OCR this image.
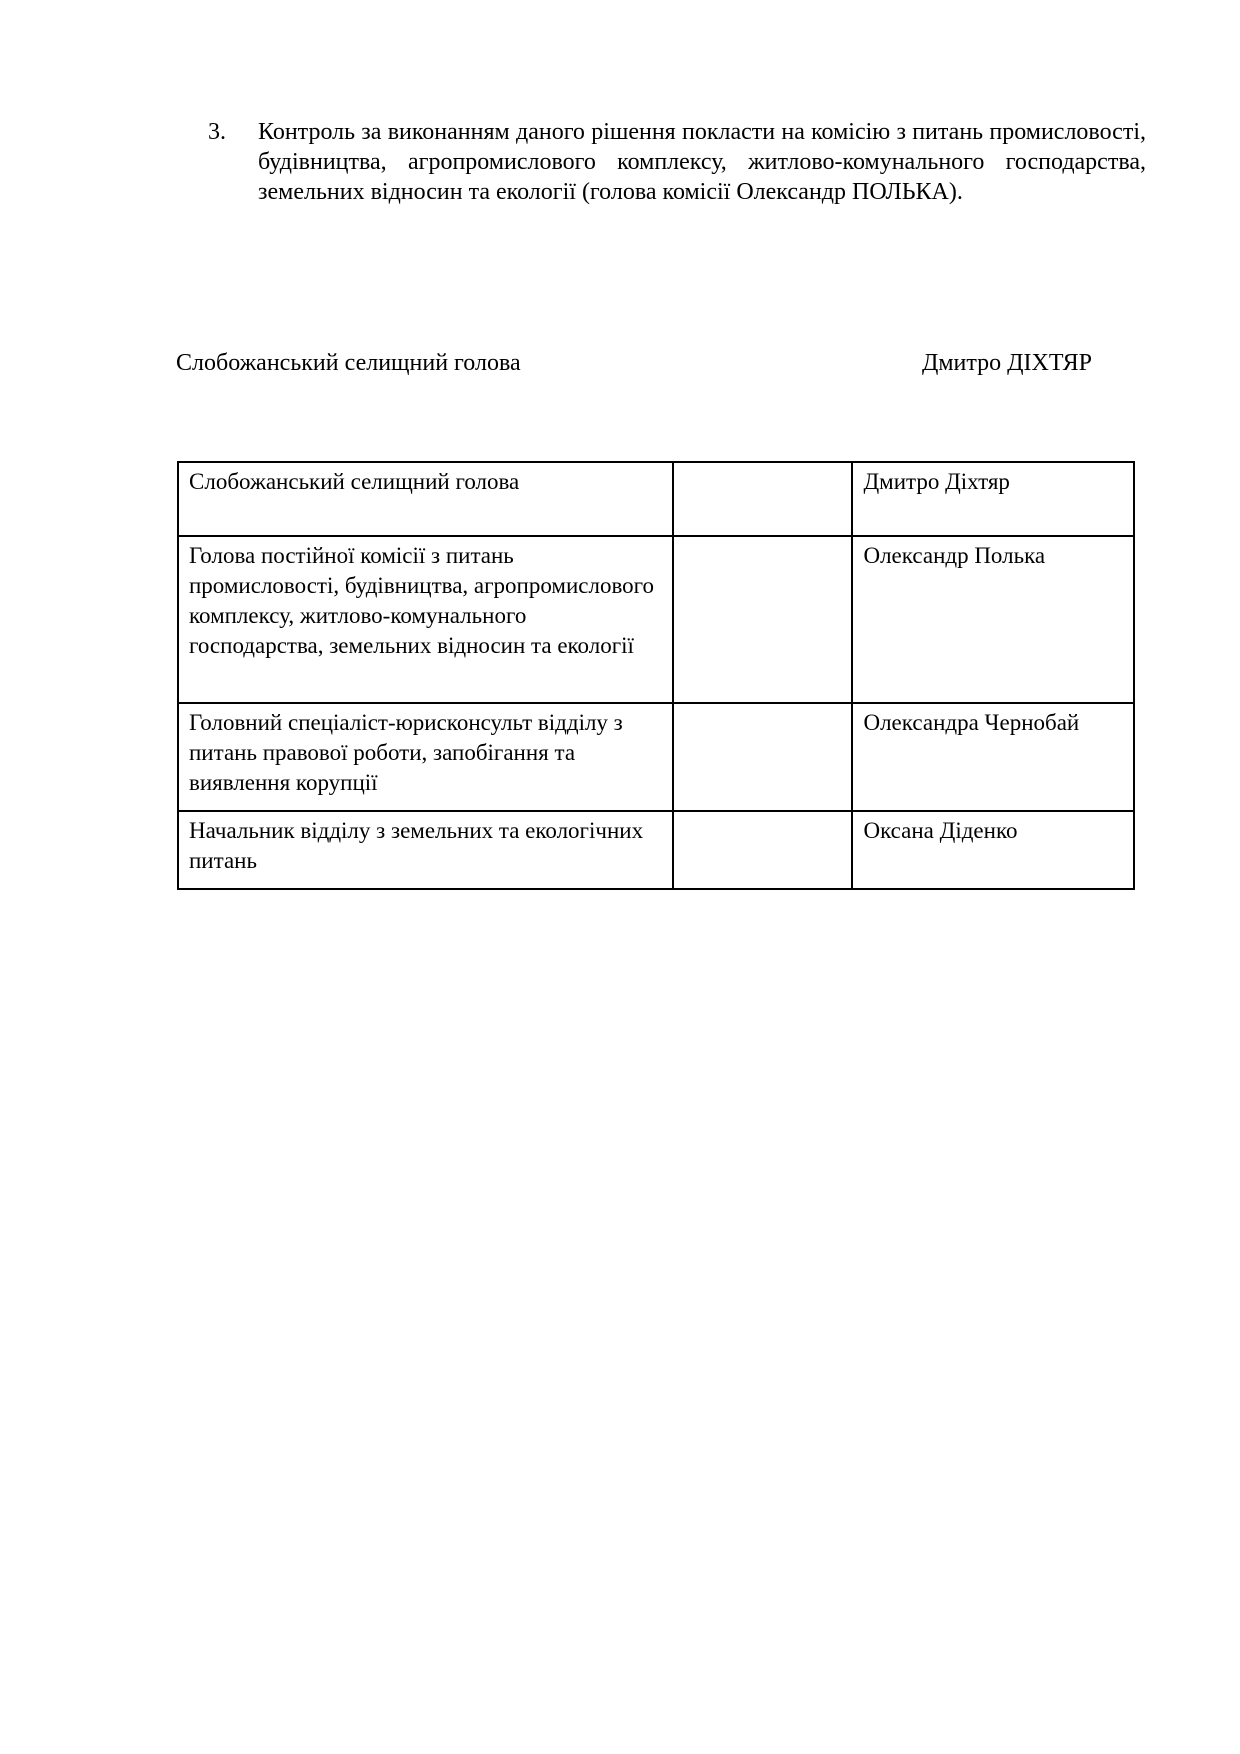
3.	Контроль за виконанням даного рішення покласти на комісію з питань промисловості, будівництва, агропромислового комплексу, житлово-комунального господарства, земельних відносин та екології (голова комісії Олександр ПОЛЬКА).
Слобожанський селищний голова	Дмитро ДІХТЯР
Слобожанський селищний голова		Дмитро Діхтяр
Голова постійної комісії з питань промисловості, будівництва, агропромислового комплексу, житлово-комунального господарства, земельних відносин та екології		Олександр Полька
Головний спеціаліст-юрисконсульт відділу з питань правової роботи, запобігання та виявлення корупції		Олександра Чернобай
Начальник відділу з земельних та екологічних питань		Оксана Діденко
